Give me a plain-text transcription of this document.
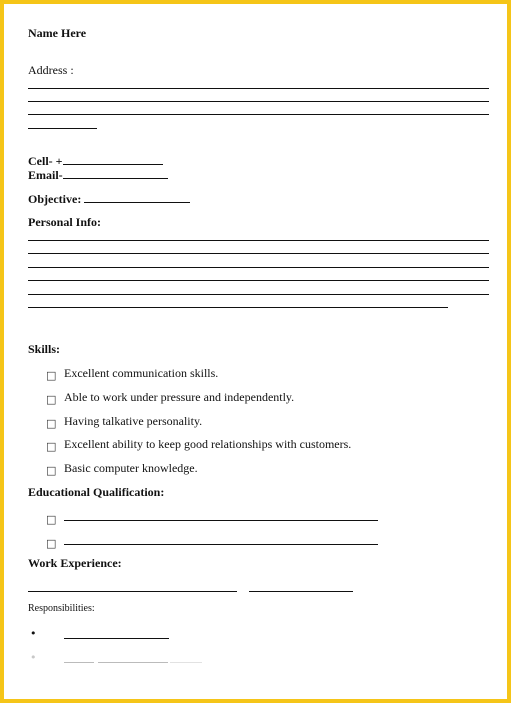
Name Here
Address :
Cell- +
Email-
Objective:
Personal Info:
Skills:
□ Excellent communication skills.
□ Able to work under pressure and independently.
□ Having talkative personality.
□ Excellent ability to keep good relationships with customers.
□ Basic computer knowledge.
Educational Qualification:
□
□
Work Experience:
Responsibilities:
•
•
